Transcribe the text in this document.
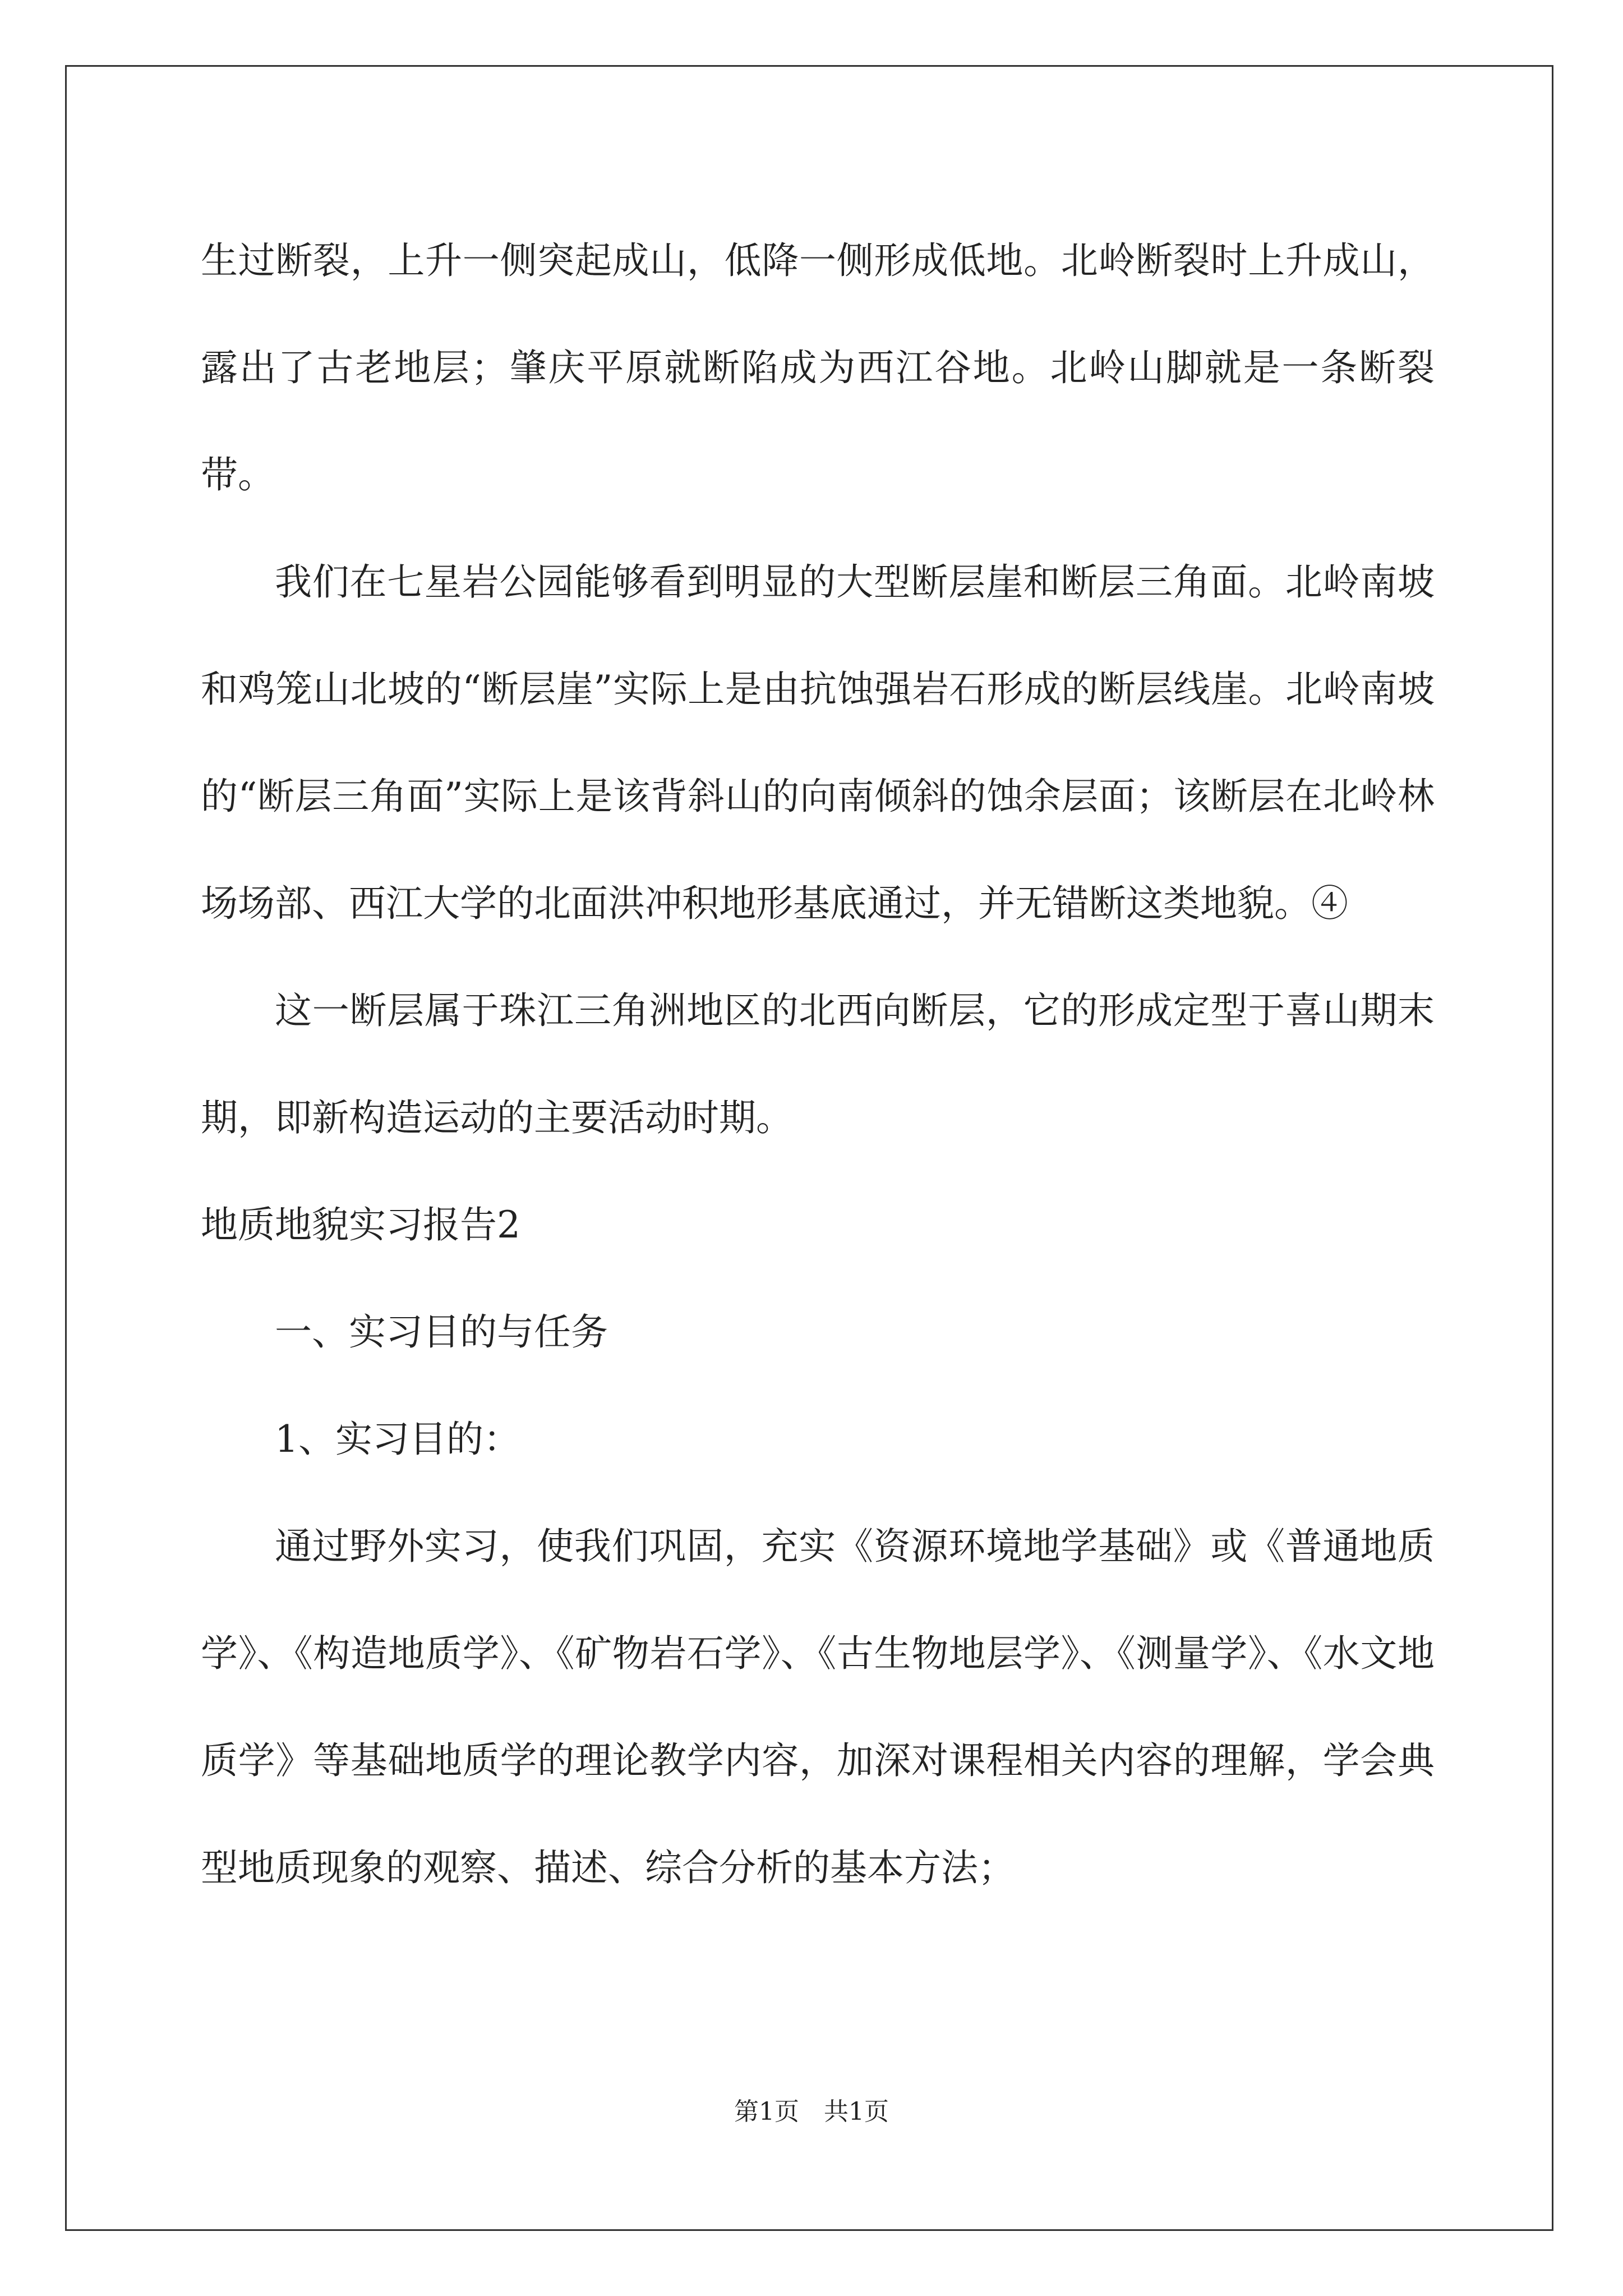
生过断裂，上升一侧突起成山，低降一侧形成低地。北岭断裂时上升成山，露出了古老地层；肇庆平原就断陷成为西江谷地。北岭山脚就是一条断裂带。

我们在七星岩公园能够看到明显的大型断层崖和断层三角面。北岭南坡和鸡笼山北坡的“断层崖”实际上是由抗蚀强岩石形成的断层线崖。北岭南坡的“断层三角面”实际上是该背斜山的向南倾斜的蚀余层面；该断层在北岭林场场部、西江大学的北面洪冲积地形基底通过，并无错断这类地貌。④

这一断层属于珠江三角洲地区的北西向断层，它的形成定型于喜山期末期，即新构造运动的主要活动时期。

地质地貌实习报告2

一、实习目的与任务

1、实习目的：

通过野外实习，使我们巩固，充实《资源环境地学基础》或《普通地质学》、《构造地质学》、《矿物岩石学》、《古生物地层学》、《测量学》、《水文地质学》等基础地质学的理论教学内容，加深对课程相关内容的理解，学会典型地质现象的观察、描述、综合分析的基本方法；

第1页　共1页
